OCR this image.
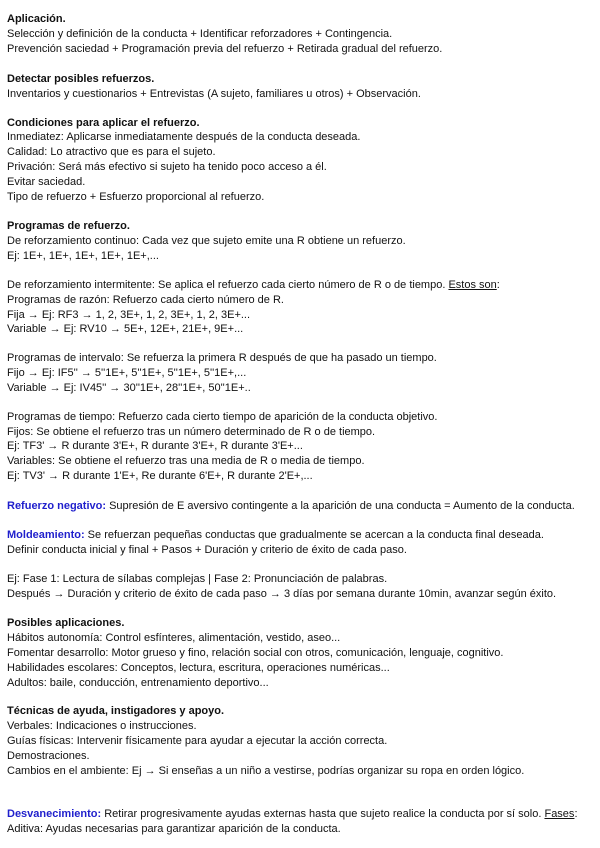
Aplicación.
Selección y definición de la conducta + Identificar reforzadores + Contingencia.
Prevención saciedad + Programación previa del refuerzo + Retirada gradual del refuerzo.
Detectar posibles refuerzos.
Inventarios y cuestionarios + Entrevistas (A sujeto, familiares u otros) + Observación.
Condiciones para aplicar el refuerzo.
Inmediatez: Aplicarse inmediatamente después de la conducta deseada.
Calidad: Lo atractivo que es para el sujeto.
Privación: Será más efectivo si sujeto ha tenido poco acceso a él.
Evitar saciedad.
Tipo de refuerzo + Esfuerzo proporcional al refuerzo.
Programas de refuerzo.
De reforzamiento continuo: Cada vez que sujeto emite una R obtiene un refuerzo.
Ej: 1E+, 1E+, 1E+, 1E+, 1E+,...
De reforzamiento intermitente: Se aplica el refuerzo cada cierto número de R o de tiempo. Estos son:
Programas de razón: Refuerzo cada cierto número de R.
Fija → Ej: RF3 → 1, 2, 3E+, 1, 2, 3E+, 1, 2, 3E+...
Variable → Ej: RV10 → 5E+, 12E+, 21E+, 9E+...
Programas de intervalo: Se refuerza la primera R después de que ha pasado un tiempo.
Fijo → Ej: IF5'' → 5''1E+, 5''1E+, 5''1E+, 5''1E+,...
Variable → Ej: IV45'' → 30''1E+, 28''1E+, 50''1E+..
Programas de tiempo: Refuerzo cada cierto tiempo de aparición de la conducta objetivo.
Fijos: Se obtiene el refuerzo tras un número determinado de R o de tiempo.
Ej: TF3' → R durante 3'E+, R durante 3'E+, R durante 3'E+...
Variables: Se obtiene el refuerzo tras una media de R o media de tiempo.
Ej: TV3' → R durante 1'E+, Re durante 6'E+, R durante 2'E+,...
Refuerzo negativo: Supresión de E aversivo contingente a la aparición de una conducta = Aumento de la conducta.
Moldeamiento: Se refuerzan pequeñas conductas que gradualmente se acercan a la conducta final deseada.
Definir conducta inicial y final + Pasos + Duración y criterio de éxito de cada paso.
Ej: Fase 1: Lectura de sílabas complejas | Fase 2: Pronunciación de palabras.
Después → Duración y criterio de éxito de cada paso → 3 días por semana durante 10min, avanzar según éxito.
Posibles aplicaciones.
Hábitos autonomía: Control esfínteres, alimentación, vestido, aseo...
Fomentar desarrollo: Motor grueso y fino, relación social con otros, comunicación, lenguaje, cognitivo.
Habilidades escolares: Conceptos, lectura, escritura, operaciones numéricas...
Adultos: baile, conducción, entrenamiento deportivo...
Técnicas de ayuda, instigadores y apoyo.
Verbales: Indicaciones o instrucciones.
Guías físicas: Intervenir físicamente para ayudar a ejecutar la acción correcta.
Demostraciones.
Cambios en el ambiente: Ej → Si enseñas a un niño a vestirse, podrías organizar su ropa en orden lógico.
Desvanecimiento: Retirar progresivamente ayudas externas hasta que sujeto realice la conducta por sí solo. Fases:
Aditiva: Ayudas necesarias para garantizar aparición de la conducta.
